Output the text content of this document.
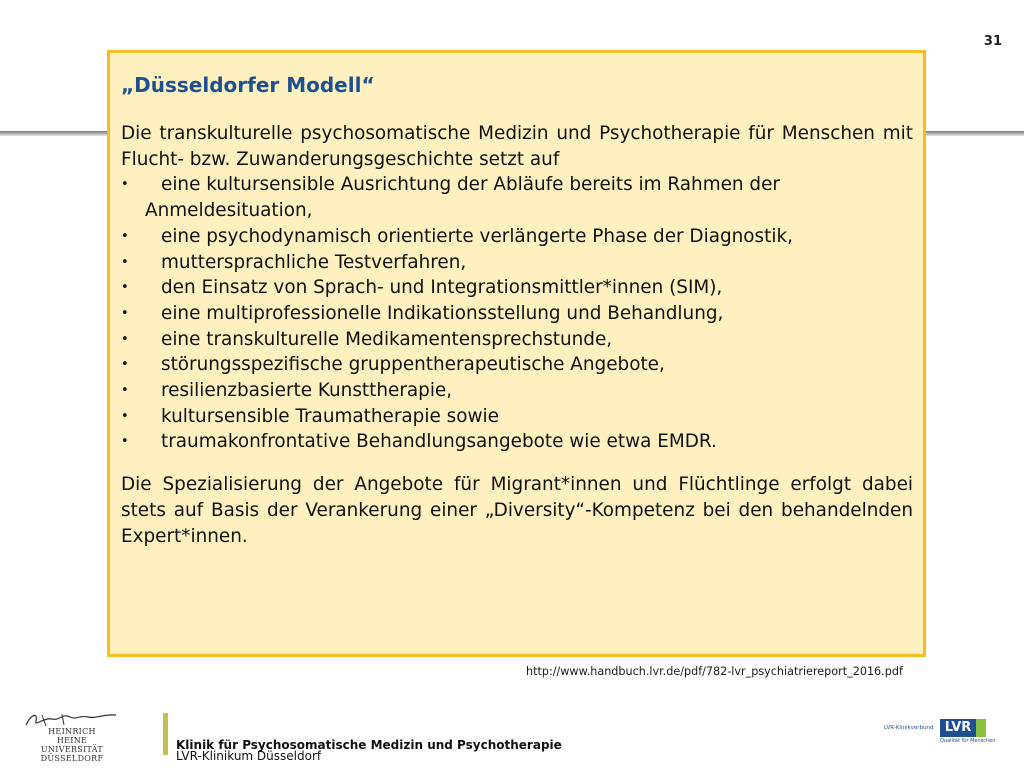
31
„Düsseldorfer Modell“

Die transkulturelle psychosomatische Medizin und Psychotherapie für Menschen mit Flucht- bzw. Zuwanderungsgeschichte setzt auf

• eine kultursensible Ausrichtung der Abläufe bereits im Rahmen der
Anmeldesituation,
• eine psychodynamisch orientierte verlängerte Phase der Diagnostik,
• muttersprachliche Testverfahren,
• den Einsatz von Sprach- und Integrationsmittler*innen (SIM),
• eine multiprofessionelle Indikationsstellung und Behandlung,
• eine transkulturelle Medikamentensprechstunde,
• störungsspezifische gruppentherapeutische Angebote,
• resilienzbasierte Kunsttherapie,
• kultursensible Traumatherapie sowie
• traumakonfrontative Behandlungsangebote wie etwa EMDR.

Die Spezialisierung der Angebote für Migrant*innen und Flüchtlinge erfolgt dabei stets auf Basis der Verankerung einer „Diversity“-Kompetenz bei den behandelnden Expert*innen.

http://www.handbuch.lvr.de/pdf/782-lvr_psychiatriereport_2016.pdf
HEINRICH HEINE
UNIVERSITÄT
DÜSSELDORF
Klinik für Psychosomatische Medizin und Psychotherapie
LVR-Klinikum Düsseldorf
LVR-Klinikverbund LVR
Qualität für Menschen
